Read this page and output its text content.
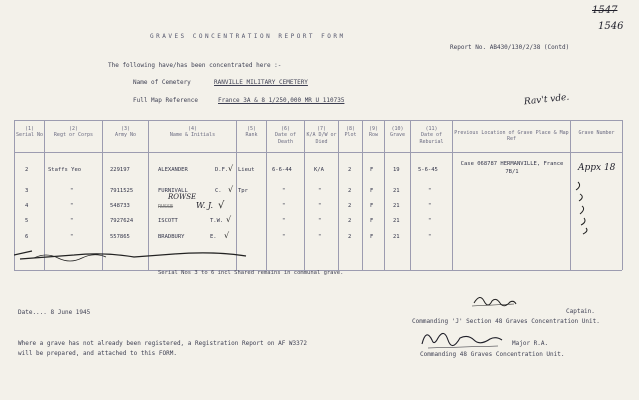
1547
1546
GRAVES CONCENTRATION REPORT FORM
Report No. AB430/130/2/38 (Contd)
The following have/has been concentrated here :-
Name of Cemetery	RANVILLE MILITARY CEMETERY
Full Map Reference	France 3A & 8 1/250,000 MR U 110735	Rav't vde.
(1)
Serial No
(2)
Regt or Corps
(3)
Army No
(4)
Name & Initials
(5)
Rank
(6)
Date of Death
(7)
K/A D/W or Died
(8)
Plot
(9)
Row
(10)
Grave
(11)
Date of Reburial
Previous Location of Grave Place & Map Ref
Grave Number
2	Staffs Yeo	229197	ALEXANDER	D.F. √ Lieut	6-6-44	K/A	2	F	19	5-6-45
Case 068787 HERMANVILLE, France 7B/1	Appx 18
3	"	7911525	FURNIVALL	C. √ Tpr	"	"	2	F	21	"
4	"	548733
ROWSE
RUSSE	W. J. √	"	"	2	F	21	"
5	"	7927624	ISCOTT	T.W. √	"	"	2	F	21	"
6	"	557865	BRADBURY	E. √	"	"	2	F	21	"
Serial Nos 3 to 6 incl Shared remains in communal grave.
Date.... 8 June 1945	Captain.
Commanding 'J' Section 48 Graves Concentration Unit.
Major R.A.
Commanding 48 Graves Concentration Unit.
Where a grave has not already been registered, a Registration Report on AF W3372
will be prepared, and attached to this FORM.
